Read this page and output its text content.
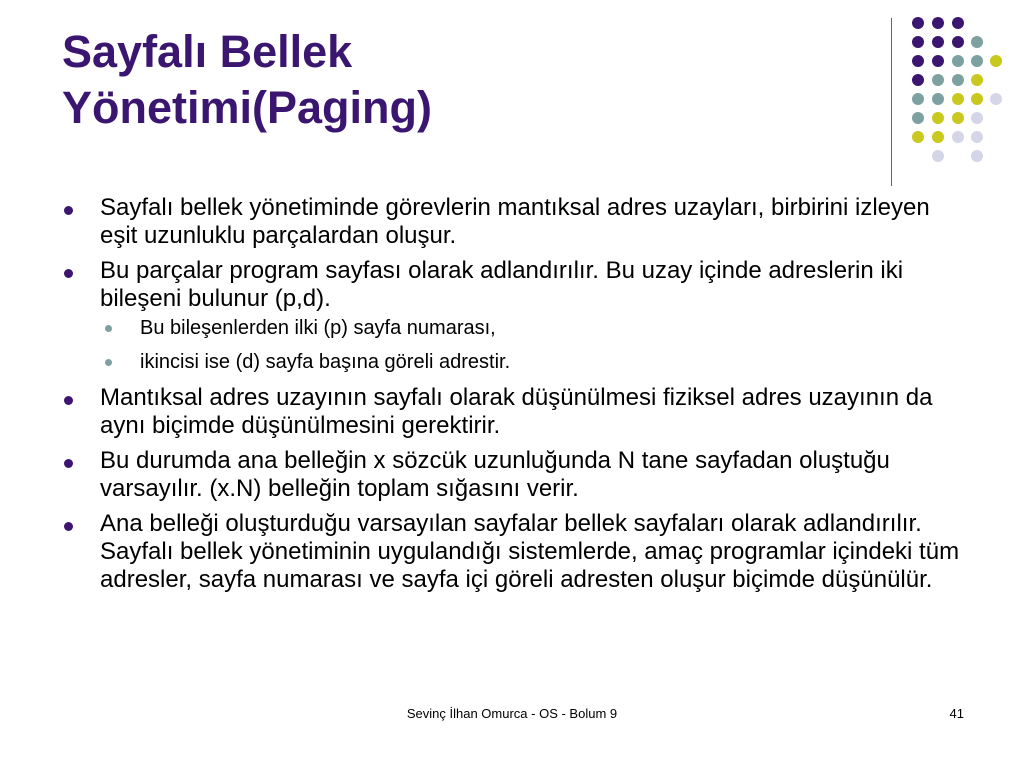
Sayfalı Bellek
Yönetimi(Paging)
Sayfalı bellek yönetiminde görevlerin mantıksal adres uzayları, birbirini izleyen eşit uzunluklu parçalardan oluşur.
Bu parçalar program sayfası olarak adlandırılır. Bu uzay içinde adreslerin iki bileşeni bulunur (p,d).
Bu bileşenlerden ilki (p) sayfa numarası,
ikincisi ise (d) sayfa başına göreli adrestir.
Mantıksal adres uzayının sayfalı olarak düşünülmesi fiziksel adres uzayının da aynı biçimde düşünülmesini gerektirir.
Bu durumda ana belleğin x sözcük uzunluğunda N tane sayfadan oluştuğu varsayılır. (x.N) belleğin toplam sığasını verir.
Ana belleği oluşturduğu varsayılan sayfalar bellek sayfaları olarak adlandırılır. Sayfalı bellek yönetiminin uygulandığı sistemlerde, amaç programlar içindeki tüm adresler, sayfa numarası ve sayfa içi göreli adresten oluşur biçimde düşünülür.
Sevinç İlhan Omurca - OS - Bolum 9	41
